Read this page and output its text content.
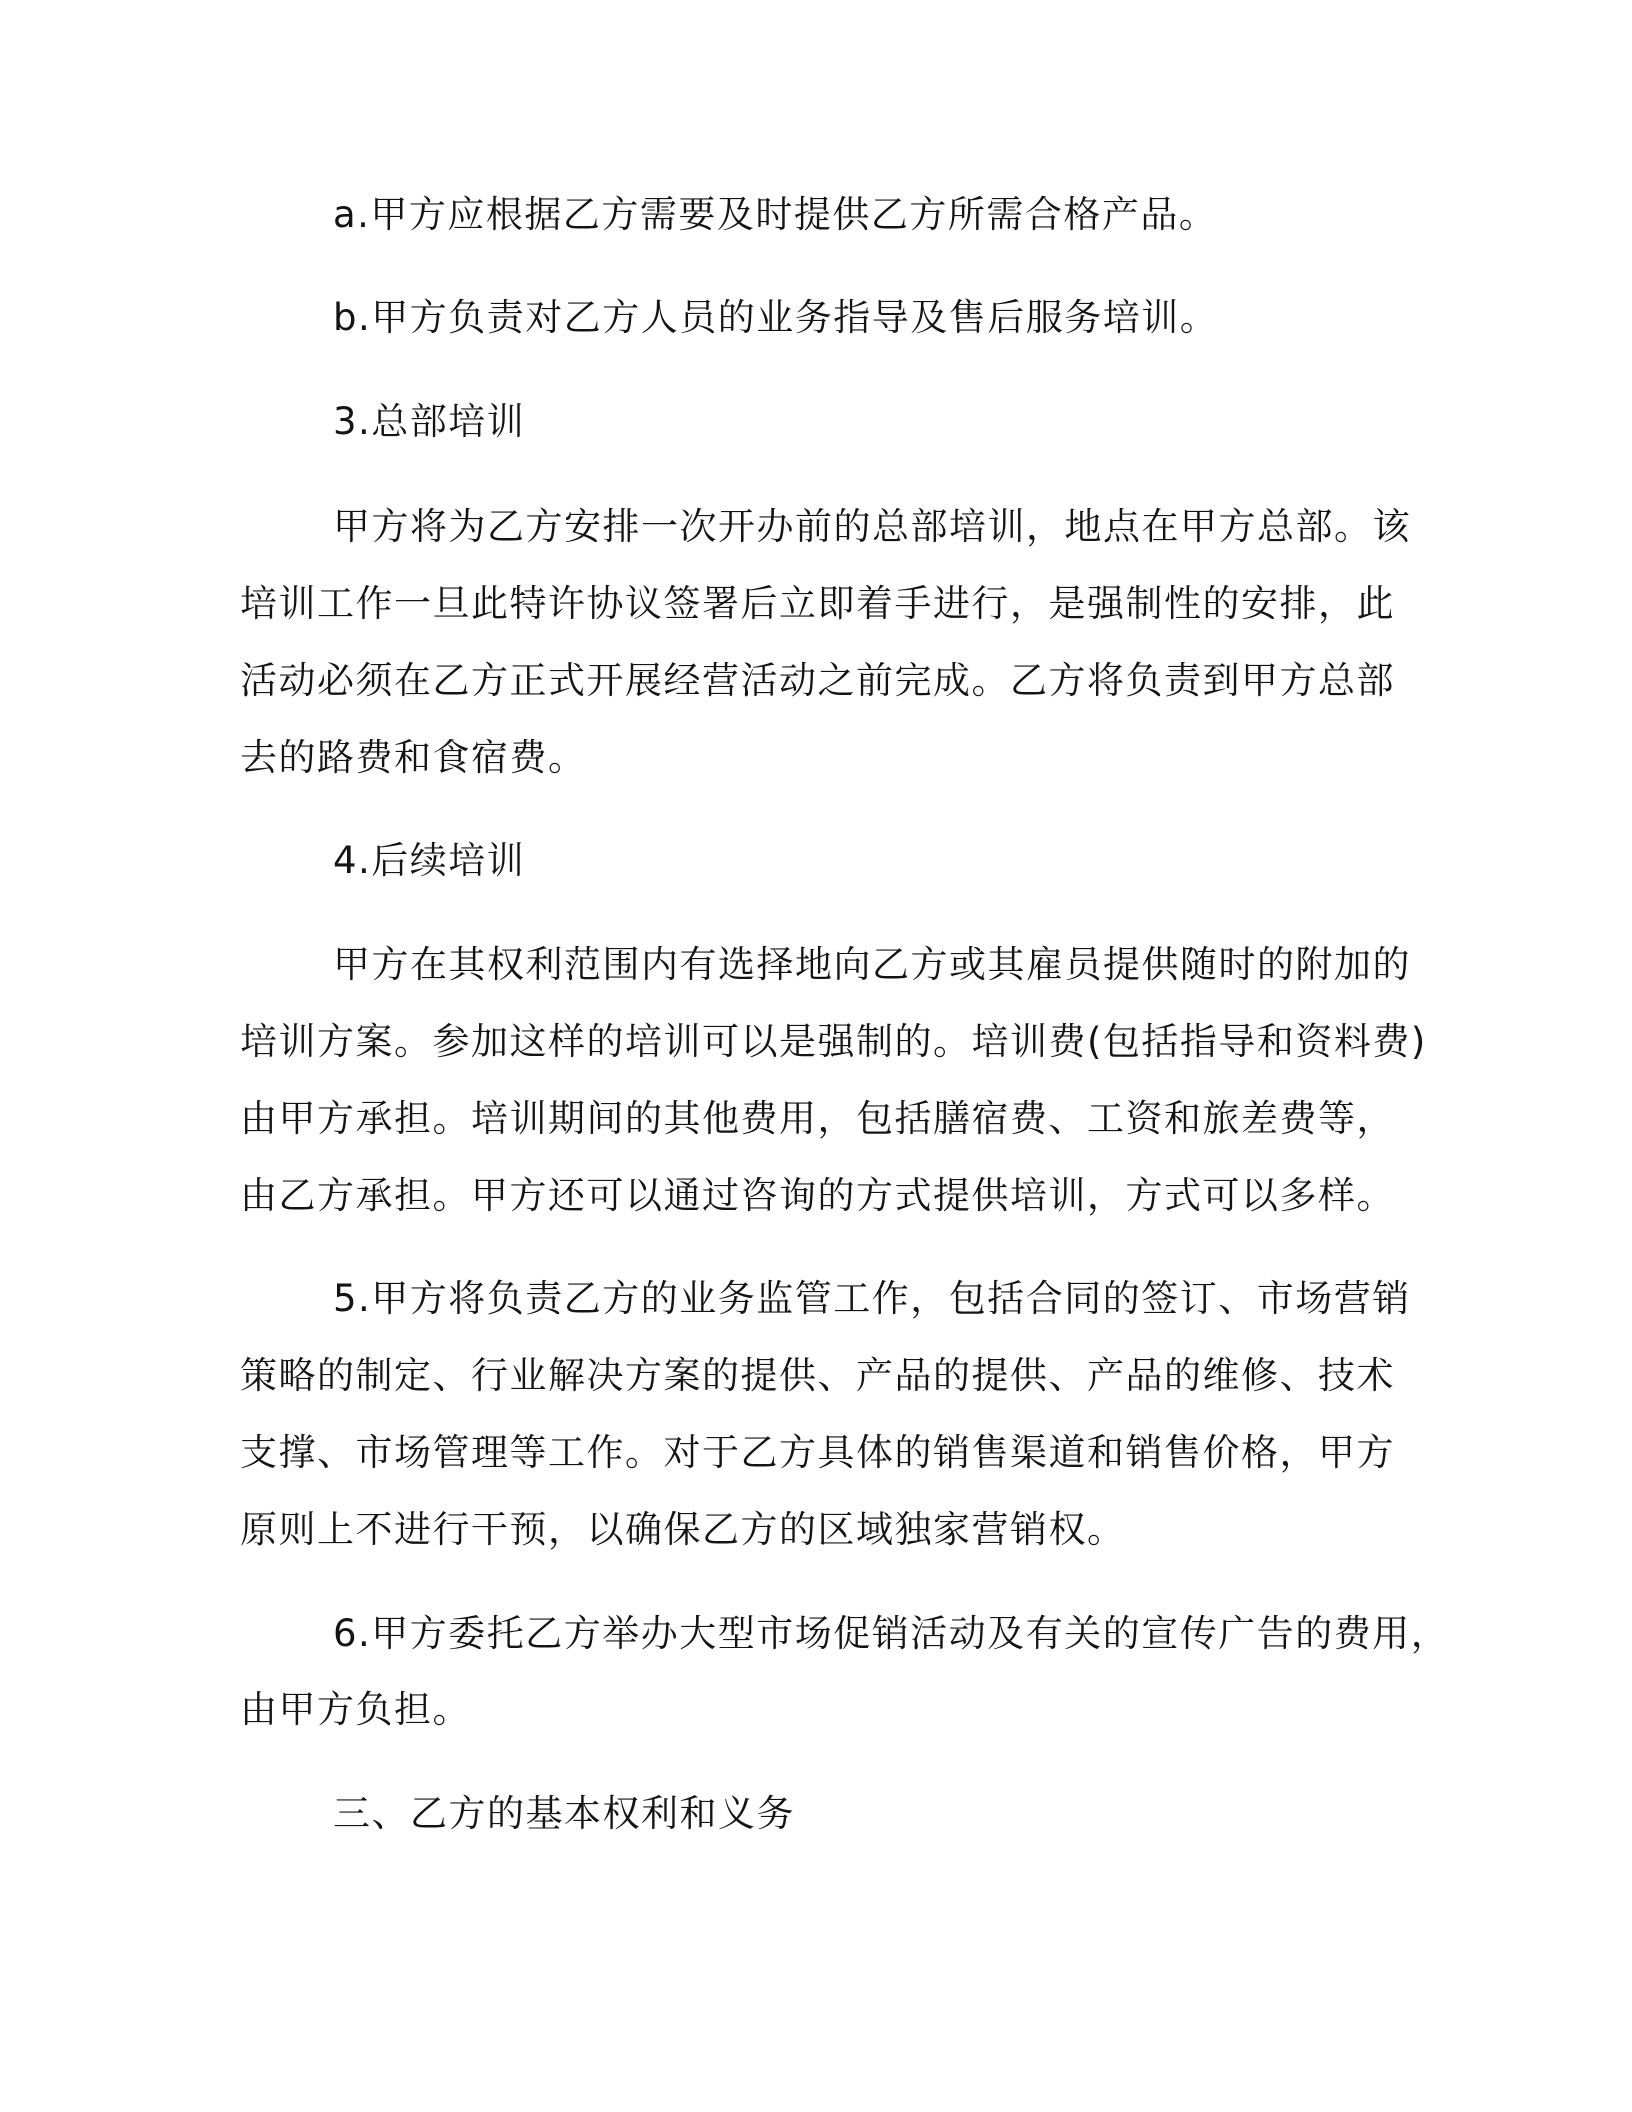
a.甲方应根据乙方需要及时提供乙方所需合格产品。
b.甲方负责对乙方人员的业务指导及售后服务培训。
3.总部培训
甲方将为乙方安排一次开办前的总部培训，地点在甲方总部。该
培训工作一旦此特许协议签署后立即着手进行，是强制性的安排，此
活动必须在乙方正式开展经营活动之前完成。乙方将负责到甲方总部
去的路费和食宿费。
4.后续培训
甲方在其权利范围内有选择地向乙方或其雇员提供随时的附加的
培训方案。参加这样的培训可以是强制的。培训费(包括指导和资料费)
由甲方承担。培训期间的其他费用，包括膳宿费、工资和旅差费等，
由乙方承担。甲方还可以通过咨询的方式提供培训，方式可以多样。
5.甲方将负责乙方的业务监管工作，包括合同的签订、市场营销
策略的制定、行业解决方案的提供、产品的提供、产品的维修、技术
支撑、市场管理等工作。对于乙方具体的销售渠道和销售价格，甲方
原则上不进行干预，以确保乙方的区域独家营销权。
6.甲方委托乙方举办大型市场促销活动及有关的宣传广告的费用，
由甲方负担。
三、乙方的基本权利和义务
